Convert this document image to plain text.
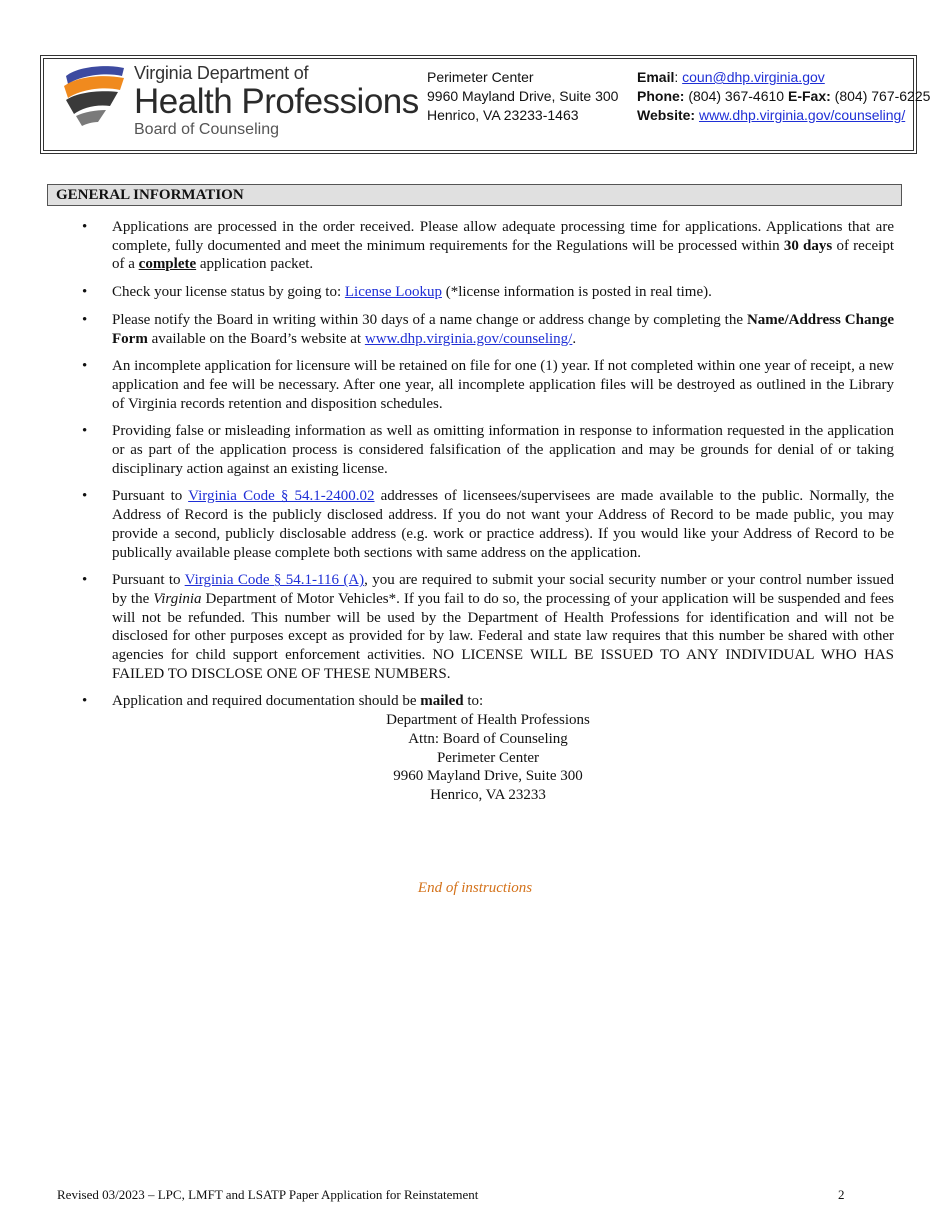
Virginia Department of
Health Professions
Board of Counseling
Perimeter Center
9960 Mayland Drive, Suite 300
Henrico, VA 23233-1463
Email: coun@dhp.virginia.gov
Phone: (804) 367-4610 E-Fax: (804) 767-6225
Website: www.dhp.virginia.gov/counseling/
GENERAL INFORMATION
• Applications are processed in the order received. Please allow adequate processing time for applications. Applications that are complete, fully documented and meet the minimum requirements for the Regulations will be processed within 30 days of receipt of a complete application packet.
• Check your license status by going to: License Lookup (*license information is posted in real time).
• Please notify the Board in writing within 30 days of a name change or address change by completing the Name/Address Change Form available on the Board’s website at www.dhp.virginia.gov/counseling/.
• An incomplete application for licensure will be retained on file for one (1) year. If not completed within one year of receipt, a new application and fee will be necessary. After one year, all incomplete application files will be destroyed as outlined in the Library of Virginia records retention and disposition schedules.
• Providing false or misleading information as well as omitting information in response to information requested in the application or as part of the application process is considered falsification of the application and may be grounds for denial of or taking disciplinary action against an existing license.
• Pursuant to Virginia Code § 54.1-2400.02 addresses of licensees/supervisees are made available to the public. Normally, the Address of Record is the publicly disclosed address. If you do not want your Address of Record to be made public, you may provide a second, publicly disclosable address (e.g. work or practice address). If you would like your Address of Record to be publically available please complete both sections with same address on the application.
• Pursuant to Virginia Code § 54.1-116 (A), you are required to submit your social security number or your control number issued by the Virginia Department of Motor Vehicles*. If you fail to do so, the processing of your application will be suspended and fees will not be refunded. This number will be used by the Department of Health Professions for identification and will not be disclosed for other purposes except as provided for by law. Federal and state law requires that this number be shared with other agencies for child support enforcement activities. NO LICENSE WILL BE ISSUED TO ANY INDIVIDUAL WHO HAS FAILED TO DISCLOSE ONE OF THESE NUMBERS.
• Application and required documentation should be mailed to:
Department of Health Professions
Attn: Board of Counseling
Perimeter Center
9960 Mayland Drive, Suite 300
Henrico, VA 23233
End of instructions
Revised 03/2023 – LPC, LMFT and LSATP Paper Application for Reinstatement	2
